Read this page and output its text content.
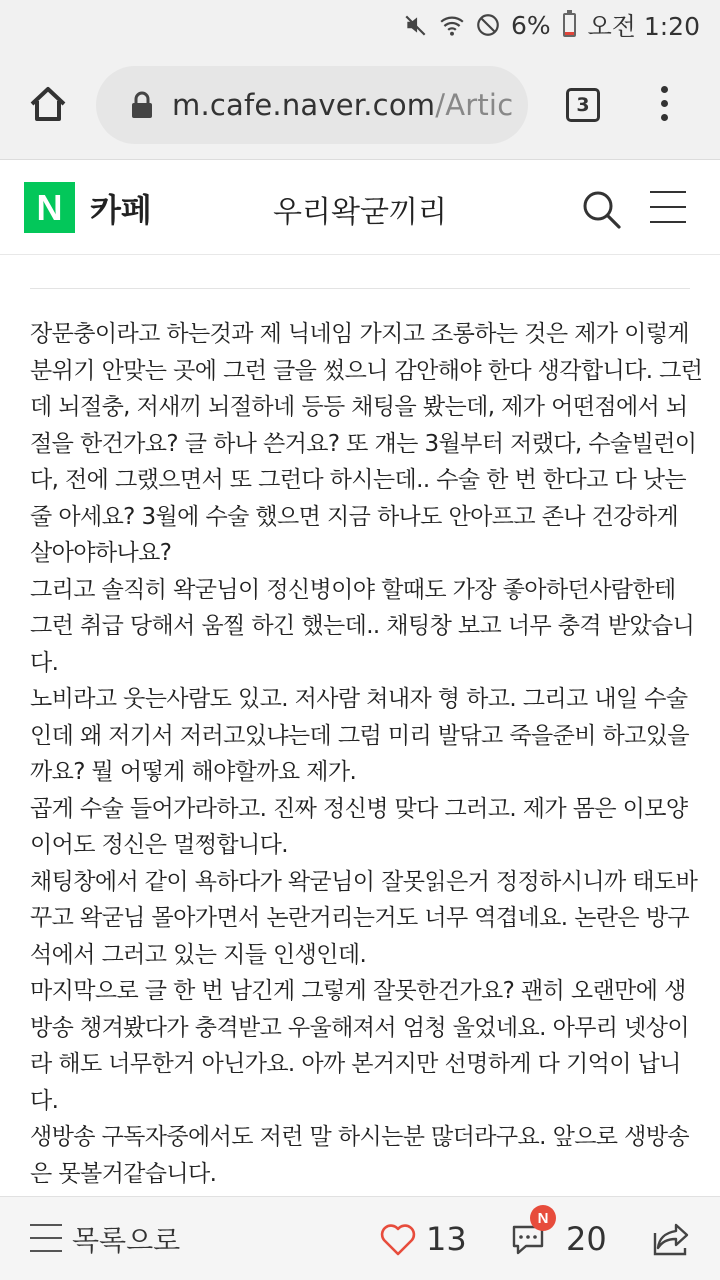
6% 오전 1:20
m.cafe.naver.com/Artic	3
N 카페	우리왁굳끼리

장문충이라고 하는것과 제 닉네임 가지고 조롱하는 것은 제가 이렇게

분위기 안맞는 곳에 그런 글을 썼으니 감안해야 한다 생각합니다. 그런

데 뇌절충, 저새끼 뇌절하네 등등 채팅을 봤는데, 제가 어떤점에서 뇌

절을 한건가요? 글 하나 쓴거요? 또 걔는 3월부터 저랬다, 수술빌런이

다, 전에 그랬으면서 또 그런다 하시는데.. 수술 한 번 한다고 다 낫는

줄 아세요? 3월에 수술 했으면 지금 하나도 안아프고 존나 건강하게

살아야하나요?

그리고 솔직히 왁굳님이 정신병이야 할때도 가장 좋아하던사람한테

그런 취급 당해서 움찔 하긴 했는데.. 채팅창 보고 너무 충격 받았습니

다.

노비라고 웃는사람도 있고. 저사람 쳐내자 형 하고. 그리고 내일 수술

인데 왜 저기서 저러고있냐는데 그럼 미리 발닦고 죽을준비 하고있을

까요? 뭘 어떻게 해야할까요 제가.

곱게 수술 들어가라하고. 진짜 정신병 맞다 그러고. 제가 몸은 이모양

이어도 정신은 멀쩡합니다.

채팅창에서 같이 욕하다가 왁굳님이 잘못읽은거 정정하시니까 태도바

꾸고 왁굳님 몰아가면서 논란거리는거도 너무 역겹네요. 논란은 방구

석에서 그러고 있는 지들 인생인데.

마지막으로 글 한 번 남긴게 그렇게 잘못한건가요? 괜히 오랜만에 생

방송 챙겨봤다가 충격받고 우울해져서 엄청 울었네요. 아무리 넷상이

라 해도 너무한거 아닌가요. 아까 본거지만 선명하게 다 기억이 납니

다.

생방송 구독자중에서도 저런 말 하시는분 많더라구요. 앞으로 생방송

은 못볼거같습니다.

목록으로	13
N
20
